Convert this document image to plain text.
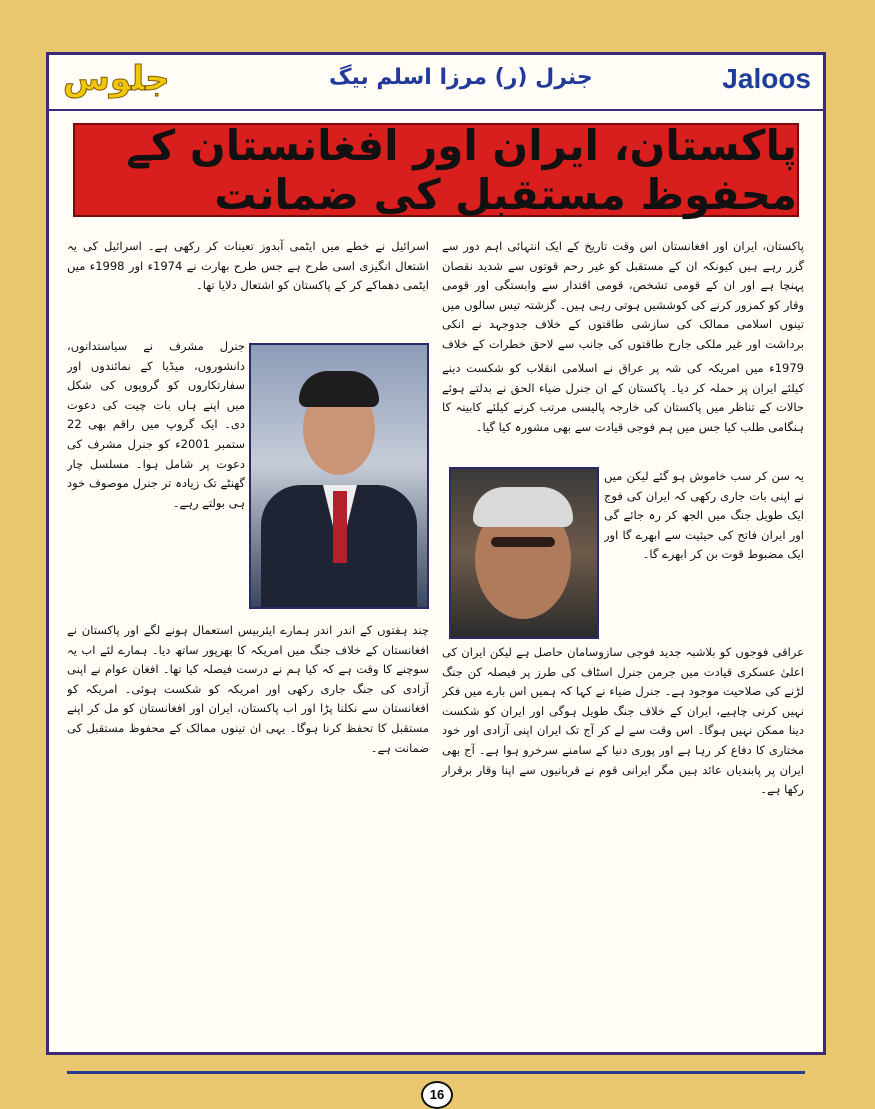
جلوس	جنرل (ر) مرزا اسلم بیگ	Jaloos
پاکستان، ایران اور افغانستان کے محفوظ مستقبل کی ضمانت

پاکستان، ایران اور افغانستان اس وقت تاریخ کے ایک انتہائی اہم دور سے گزر رہے ہیں کیونکہ ان کے مستقبل کو غیر رحم قوتوں سے شدید نقصان پہنچا ہے اور ان کے قومی تشخص، قومی اقتدار سے وابستگی اور قومی وقار کو کمزور کرنے کی کوششیں ہوتی رہی ہیں۔ گزشتہ تیس سالوں میں تینوں اسلامی ممالک کی سازشی طاقتوں کے خلاف جدوجہد نے انکی برداشت اور غیر ملکی جارح طاقتوں کی جانب سے لاحق خطرات کے خلاف

1979ء میں امریکہ کی شہ پر عراق نے اسلامی انقلاب کو شکست دینے کیلئے ایران پر حملہ کر دیا۔ پاکستان کے ان جنرل ضیاء الحق نے بدلتے ہوئے حالات کے تناظر میں پاکستان کی خارجہ پالیسی مرتب کرنے کیلئے کابینہ کا ہنگامی طلب کیا جس میں ہم فوجی قیادت سے بھی مشورہ کیا گیا۔

یہ سن کر سب خاموش ہو گئے لیکن میں نے اپنی بات جاری رکھی کہ ایران کی فوج ایک طویل جنگ میں الجھ کر رہ جائے گی اور ایران فاتح کی حیثیت سے ابھرے گا اور ایک مضبوط قوت بن کر ابھرے گا۔

عراقی فوجوں کو بلاشبہ جدید فوجی سازوسامان حاصل ہے لیکن ایران کی اعلیٰ عسکری قیادت میں جرمن جنرل اسٹاف کی طرز پر فیصلہ کن جنگ لڑنے کی صلاحیت موجود ہے۔ جنرل ضیاء نے کہا کہ ہمیں اس بارے میں فکر نہیں کرنی چاہیے، ایران کے خلاف جنگ طویل ہوگی اور ایران کو شکست دینا ممکن نہیں ہوگا۔ اس وقت سے لے کر آج تک ایران اپنی آزادی اور خود مختاری کا دفاع کر رہا ہے اور پوری دنیا کے سامنے سرخرو ہوا ہے۔ آج بھی ایران پر پابندیاں عائد ہیں مگر ایرانی قوم نے قربانیوں سے اپنا وقار برقرار رکھا ہے۔

اسرائیل نے خطے میں ایٹمی آبدوز تعینات کر رکھی ہے۔ اسرائیل کی یہ اشتعال انگیزی اسی طرح ہے جس طرح بھارت نے 1974ء اور 1998ء میں ایٹمی دھماکے کر کے پاکستان کو اشتعال دلایا تھا۔

جنرل مشرف نے سیاستدانوں، دانشوروں، میڈیا کے نمائندوں اور سفارتکاروں کو گروپوں کی شکل میں اپنے ہاں بات چیت کی دعوت دی۔ ایک گروپ میں راقم بھی 22 ستمبر 2001ء کو جنرل مشرف کی دعوت پر شامل ہوا۔ مسلسل چار گھنٹے تک زیادہ تر جنرل موصوف خود ہی بولتے رہے۔

چند ہفتوں کے اندر اندر ہمارے ایئربیس استعمال ہونے لگے اور پاکستان نے افغانستان کے خلاف جنگ میں امریکہ کا بھرپور ساتھ دیا۔ ہمارے لئے اب یہ سوچنے کا وقت ہے کہ کیا ہم نے درست فیصلہ کیا تھا۔ افغان عوام نے اپنی آزادی کی جنگ جاری رکھی اور امریکہ کو شکست ہوئی۔ امریکہ کو افغانستان سے نکلنا پڑا اور اب پاکستان، ایران اور افغانستان کو مل کر اپنے مستقبل کا تحفظ کرنا ہوگا۔ یہی ان تینوں ممالک کے محفوظ مستقبل کی ضمانت ہے۔

16
